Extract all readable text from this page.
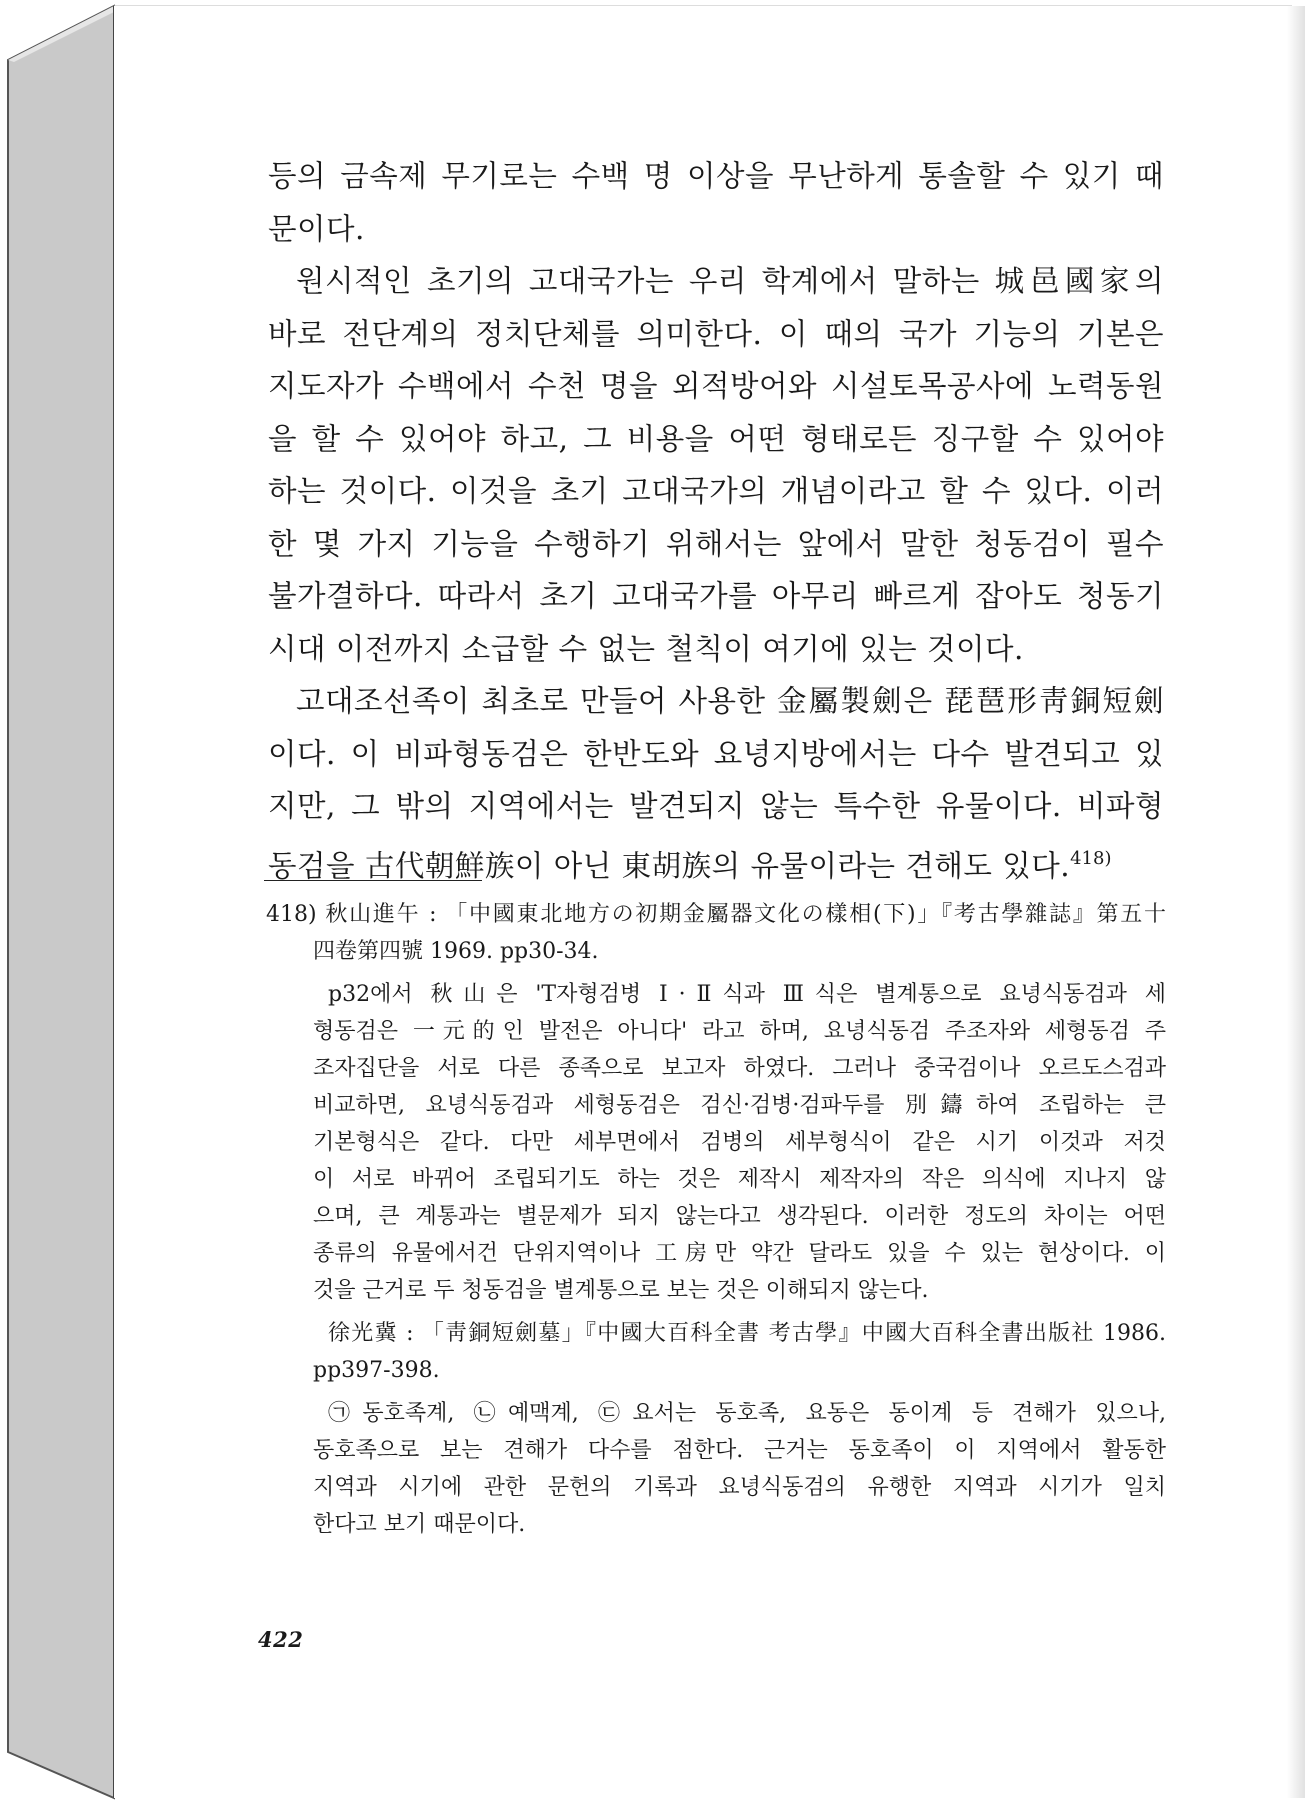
등의 금속제 무기로는 수백 명 이상을 무난하게 통솔할 수 있기 때
문이다.
원시적인 초기의 고대국가는 우리 학계에서 말하는 城邑國家의
바로 전단계의 정치단체를 의미한다. 이 때의 국가 기능의 기본은
지도자가 수백에서 수천 명을 외적방어와 시설토목공사에 노력동원
을 할 수 있어야 하고, 그 비용을 어떤 형태로든 징구할 수 있어야
하는 것이다. 이것을 초기 고대국가의 개념이라고 할 수 있다. 이러
한 몇 가지 기능을 수행하기 위해서는 앞에서 말한 청동검이 필수
불가결하다. 따라서 초기 고대국가를 아무리 빠르게 잡아도 청동기
시대 이전까지 소급할 수 없는 철칙이 여기에 있는 것이다.
고대조선족이 최초로 만들어 사용한 金屬製劍은 琵琶形靑銅短劍
이다. 이 비파형동검은 한반도와 요녕지방에서는 다수 발견되고 있
지만, 그 밖의 지역에서는 발견되지 않는 특수한 유물이다. 비파형
동검을 古代朝鮮族이 아닌 東胡族의 유물이라는 견해도 있다.$^{418)}$
418) 秋山進午 : 「中國東北地方の初期金屬器文化の樣相(下)」『考古學雜誌』第五十
四卷第四號 1969. pp30-34.
p32에서 秋山은 'T자형검병 Ⅰ·Ⅱ식과 Ⅲ식은 별계통으로 요녕식동검과 세
형동검은 一元的인 발전은 아니다' 라고 하며, 요녕식동검 주조자와 세형동검 주
조자집단을 서로 다른 종족으로 보고자 하였다. 그러나 중국검이나 오르도스검과
비교하면, 요녕식동검과 세형동검은 검신·검병·검파두를 別鑄하여 조립하는 큰
기본형식은 같다. 다만 세부면에서 검병의 세부형식이 같은 시기 이것과 저것
이 서로 바뀌어 조립되기도 하는 것은 제작시 제작자의 작은 의식에 지나지 않
으며, 큰 계통과는 별문제가 되지 않는다고 생각된다. 이러한 정도의 차이는 어떤
종류의 유물에서건 단위지역이나 工房만 약간 달라도 있을 수 있는 현상이다. 이
것을 근거로 두 청동검을 별계통으로 보는 것은 이해되지 않는다.
徐光冀 : 「靑銅短劍墓」『中國大百科全書 考古學』中國大百科全書出版社 1986.
pp397-398.
㉠동호족계, ㉡예맥계, ㉢요서는 동호족, 요동은 동이계 등 견해가 있으나,
동호족으로 보는 견해가 다수를 점한다. 근거는 동호족이 이 지역에서 활동한
지역과 시기에 관한 문헌의 기록과 요녕식동검의 유행한 지역과 시기가 일치
한다고 보기 때문이다.
422
